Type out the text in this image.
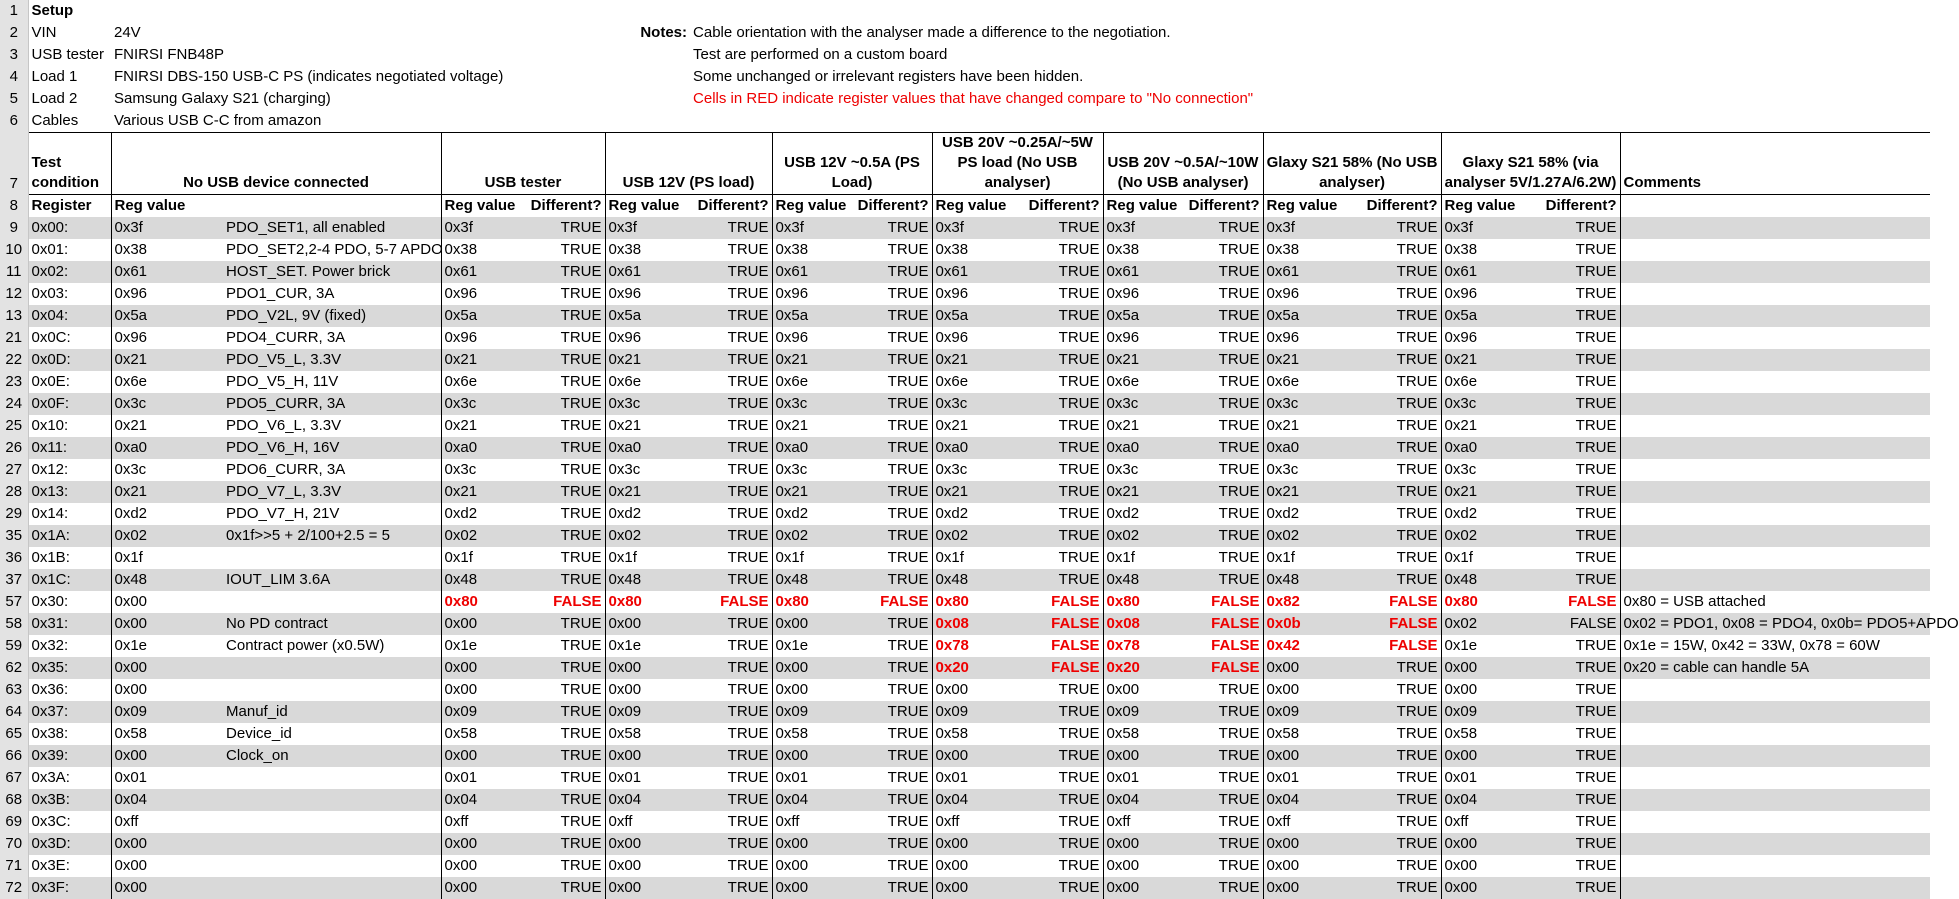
1	Setup																	
2	VIN	24V				Notes:	Cable orientation with the analyser made a difference to the negotiation.											
3	USB tester	FNIRSI FNB48P					Test are performed on a custom board											
4	Load 1	FNIRSI DBS-150 USB-C PS (indicates negotiated voltage)					Some unchanged or irrelevant registers have been hidden.											
5	Load 2	Samsung Galaxy S21 (charging)					Cells in RED indicate register values that have changed compare to "No connection"											
6	Cables	Various USB C-C from amazon																
7	Test condition	No USB device connected		USB tester		USB 12V (PS load)		USB 12V ~0.5A (PS Load)		USB 20V ~0.25A/~5W PS load (No USB analyser)		USB 20V ~0.5A/~10W (No USB analyser)		Glaxy S21 58% (No USB analyser)		Glaxy S21 58% (via analyser 5V/1.27A/6.2W)		Comments
8	Register	Reg value		Reg value	Different?	Reg value	Different?	Reg value	Different?	Reg value	Different?	Reg value	Different?	Reg value	Different?	Reg value	Different?	
9	0x00:	0x3f	PDO_SET1, all enabled	0x3f	TRUE	0x3f	TRUE	0x3f	TRUE	0x3f	TRUE	0x3f	TRUE	0x3f	TRUE	0x3f	TRUE	
10	0x01:	0x38	PDO_SET2,2-4 PDO, 5-7 APDO	0x38	TRUE	0x38	TRUE	0x38	TRUE	0x38	TRUE	0x38	TRUE	0x38	TRUE	0x38	TRUE	
11	0x02:	0x61	HOST_SET. Power brick	0x61	TRUE	0x61	TRUE	0x61	TRUE	0x61	TRUE	0x61	TRUE	0x61	TRUE	0x61	TRUE	
12	0x03:	0x96	PDO1_CUR, 3A	0x96	TRUE	0x96	TRUE	0x96	TRUE	0x96	TRUE	0x96	TRUE	0x96	TRUE	0x96	TRUE	
13	0x04:	0x5a	PDO_V2L, 9V (fixed)	0x5a	TRUE	0x5a	TRUE	0x5a	TRUE	0x5a	TRUE	0x5a	TRUE	0x5a	TRUE	0x5a	TRUE	
21	0x0C:	0x96	PDO4_CURR, 3A	0x96	TRUE	0x96	TRUE	0x96	TRUE	0x96	TRUE	0x96	TRUE	0x96	TRUE	0x96	TRUE	
22	0x0D:	0x21	PDO_V5_L, 3.3V	0x21	TRUE	0x21	TRUE	0x21	TRUE	0x21	TRUE	0x21	TRUE	0x21	TRUE	0x21	TRUE	
23	0x0E:	0x6e	PDO_V5_H, 11V	0x6e	TRUE	0x6e	TRUE	0x6e	TRUE	0x6e	TRUE	0x6e	TRUE	0x6e	TRUE	0x6e	TRUE	
24	0x0F:	0x3c	PDO5_CURR, 3A	0x3c	TRUE	0x3c	TRUE	0x3c	TRUE	0x3c	TRUE	0x3c	TRUE	0x3c	TRUE	0x3c	TRUE	
25	0x10:	0x21	PDO_V6_L, 3.3V	0x21	TRUE	0x21	TRUE	0x21	TRUE	0x21	TRUE	0x21	TRUE	0x21	TRUE	0x21	TRUE	
26	0x11:	0xa0	PDO_V6_H, 16V	0xa0	TRUE	0xa0	TRUE	0xa0	TRUE	0xa0	TRUE	0xa0	TRUE	0xa0	TRUE	0xa0	TRUE	
27	0x12:	0x3c	PDO6_CURR, 3A	0x3c	TRUE	0x3c	TRUE	0x3c	TRUE	0x3c	TRUE	0x3c	TRUE	0x3c	TRUE	0x3c	TRUE	
28	0x13:	0x21	PDO_V7_L, 3.3V	0x21	TRUE	0x21	TRUE	0x21	TRUE	0x21	TRUE	0x21	TRUE	0x21	TRUE	0x21	TRUE	
29	0x14:	0xd2	PDO_V7_H, 21V	0xd2	TRUE	0xd2	TRUE	0xd2	TRUE	0xd2	TRUE	0xd2	TRUE	0xd2	TRUE	0xd2	TRUE	
35	0x1A:	0x02	0x1f>>5 + 2/100+2.5 = 5	0x02	TRUE	0x02	TRUE	0x02	TRUE	0x02	TRUE	0x02	TRUE	0x02	TRUE	0x02	TRUE	
36	0x1B:	0x1f		0x1f	TRUE	0x1f	TRUE	0x1f	TRUE	0x1f	TRUE	0x1f	TRUE	0x1f	TRUE	0x1f	TRUE	
37	0x1C:	0x48	IOUT_LIM 3.6A	0x48	TRUE	0x48	TRUE	0x48	TRUE	0x48	TRUE	0x48	TRUE	0x48	TRUE	0x48	TRUE	
57	0x30:	0x00		0x80	FALSE	0x80	FALSE	0x80	FALSE	0x80	FALSE	0x80	FALSE	0x82	FALSE	0x80	FALSE	0x80 = USB attached
58	0x31:	0x00	No PD contract	0x00	TRUE	0x00	TRUE	0x00	TRUE	0x08	FALSE	0x08	FALSE	0x0b	FALSE	0x02	FALSE	0x02 = PDO1, 0x08 = PDO4, 0x0b= PDO5+APDO
59	0x32:	0x1e	Contract power (x0.5W)	0x1e	TRUE	0x1e	TRUE	0x1e	TRUE	0x78	FALSE	0x78	FALSE	0x42	FALSE	0x1e	TRUE	0x1e = 15W, 0x42 = 33W, 0x78 = 60W
62	0x35:	0x00		0x00	TRUE	0x00	TRUE	0x00	TRUE	0x20	FALSE	0x20	FALSE	0x00	TRUE	0x00	TRUE	0x20 = cable can handle 5A
63	0x36:	0x00		0x00	TRUE	0x00	TRUE	0x00	TRUE	0x00	TRUE	0x00	TRUE	0x00	TRUE	0x00	TRUE	
64	0x37:	0x09	Manuf_id	0x09	TRUE	0x09	TRUE	0x09	TRUE	0x09	TRUE	0x09	TRUE	0x09	TRUE	0x09	TRUE	
65	0x38:	0x58	Device_id	0x58	TRUE	0x58	TRUE	0x58	TRUE	0x58	TRUE	0x58	TRUE	0x58	TRUE	0x58	TRUE	
66	0x39:	0x00	Clock_on	0x00	TRUE	0x00	TRUE	0x00	TRUE	0x00	TRUE	0x00	TRUE	0x00	TRUE	0x00	TRUE	
67	0x3A:	0x01		0x01	TRUE	0x01	TRUE	0x01	TRUE	0x01	TRUE	0x01	TRUE	0x01	TRUE	0x01	TRUE	
68	0x3B:	0x04		0x04	TRUE	0x04	TRUE	0x04	TRUE	0x04	TRUE	0x04	TRUE	0x04	TRUE	0x04	TRUE	
69	0x3C:	0xff		0xff	TRUE	0xff	TRUE	0xff	TRUE	0xff	TRUE	0xff	TRUE	0xff	TRUE	0xff	TRUE	
70	0x3D:	0x00		0x00	TRUE	0x00	TRUE	0x00	TRUE	0x00	TRUE	0x00	TRUE	0x00	TRUE	0x00	TRUE	
71	0x3E:	0x00		0x00	TRUE	0x00	TRUE	0x00	TRUE	0x00	TRUE	0x00	TRUE	0x00	TRUE	0x00	TRUE	
72	0x3F:	0x00		0x00	TRUE	0x00	TRUE	0x00	TRUE	0x00	TRUE	0x00	TRUE	0x00	TRUE	0x00	TRUE	
